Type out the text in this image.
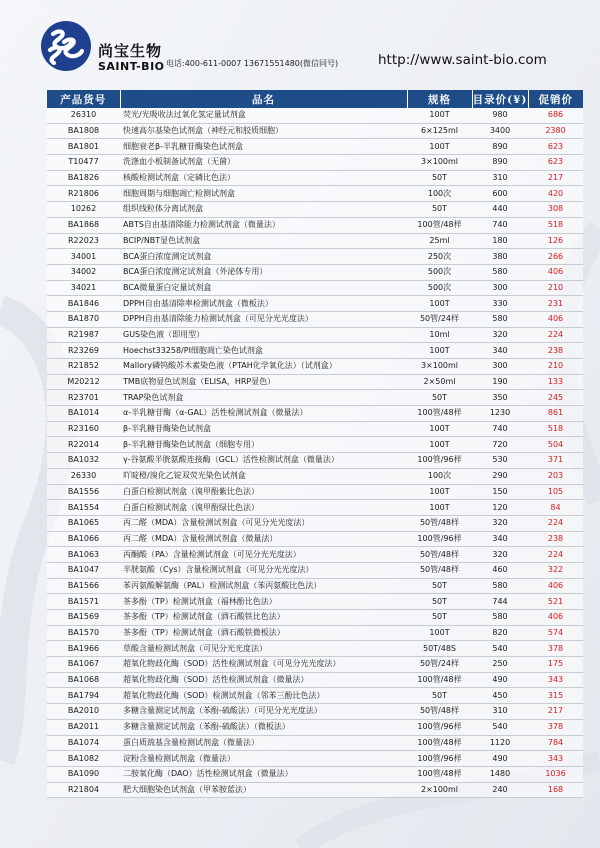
尚宝生物
SAINT-BIO 电话:400-611-0007 13671551480(微信同号)	http://www.saint-bio.com
产品货号	品名	规格	目录价(¥)	促销价
26310	荧光/光吸收法过氧化氢定量试剂盒	100T	980	686
BA1808	快速高尔基染色试剂盒（神经元和胶质细胞）	6×125ml	3400	2380
BA1801	细胞衰老β-半乳糖苷酶染色试剂盒	100T	890	623
T10477	洗涤血小板制备试剂盒（无菌）	3×100ml	890	623
BA1826	核酸检测试剂盒（定磷比色法）	50T	310	217
R21806	细胞周期与细胞凋亡检测试剂盒	100次	600	420
10262	组织线粒体分离试剂盒	50T	440	308
BA1868	ABTS自由基清除能力检测试剂盒（微量法）	100管/48样	740	518
R22023	BCIP/NBT显色试剂盒	25ml	180	126
34001	BCA蛋白浓度测定试剂盒	250次	380	266
34002	BCA蛋白浓度测定试剂盒（外泌体专用）	500次	580	406
34021	BCA微量蛋白定量试剂盒	500次	300	210
BA1846	DPPH自由基清除率检测试剂盒（微板法）	100T	330	231
BA1870	DPPH自由基清除能力检测试剂盒（可见分光光度法）	50管/24样	580	406
R21987	GUS染色液（即用型）	10ml	320	224
R23269	Hoechst33258/PI细胞凋亡染色试剂盒	100T	340	238
R21852	Mallory磷钨酸苏木素染色液（PTAH化学氧化法）（试剂盒）	3×100ml	300	210
M20212	TMB底物显色试剂盒（ELISA，HRP显色）	2×50ml	190	133
R23701	TRAP染色试剂盒	50T	350	245
BA1014	α-半乳糖苷酶（α-GAL）活性检测试剂盒（微量法）	100管/48样	1230	861
R23160	β-半乳糖苷酶染色试剂盒	100T	740	518
R22014	β-半乳糖苷酶染色试剂盒（细胞专用）	100T	720	504
BA1032	γ-谷氨酸半胱氨酸连接酶（GCL）活性检测试剂盒（微量法）	100管/96样	530	371
26330	吖啶橙/溴化乙锭双荧光染色试剂盒	100次	290	203
BA1556	白蛋白检测试剂盒（溴甲酚紫比色法）	100T	150	105
BA1554	白蛋白检测试剂盒（溴甲酚绿比色法）	100T	120	84
BA1065	丙二醛（MDA）含量检测试剂盒（可见分光光度法）	50管/48样	320	224
BA1066	丙二醛（MDA）含量检测试剂盒（微量法）	100管/96样	340	238
BA1063	丙酮酸（PA）含量检测试剂盒（可见分光光度法）	50管/48样	320	224
BA1047	半胱氨酸（Cys）含量检测试剂盒（可见分光光度法）	50管/48样	460	322
BA1566	苯丙氨酸解氨酶（PAL）检测试剂盒（苯丙氨酸比色法）	50T	580	406
BA1571	茶多酚（TP）检测试剂盒（福林酚比色法）	50T	744	521
BA1569	茶多酚（TP）检测试剂盒（酒石酸铁比色法）	50T	580	406
BA1570	茶多酚（TP）检测试剂盒（酒石酸铁微板法）	100T	820	574
BA1966	草酸含量检测试剂盒（可见分光光度法）	50T/48S	540	378
BA1067	超氧化物歧化酶（SOD）活性检测试剂盒（可见分光光度法）	50管/24样	250	175
BA1068	超氧化物歧化酶（SOD）活性检测试剂盒（微量法）	100管/48样	490	343
BA1794	超氧化物歧化酶（SOD）检测试剂盒（邻苯三酚比色法）	50T	450	315
BA2010	多糖含量测定试剂盒（苯酚-硫酸法）（可见分光光度法）	50管/48样	310	217
BA2011	多糖含量测定试剂盒（苯酚-硫酸法）（微板法）	100管/96样	540	378
BA1074	蛋白质巯基含量检测试剂盒（微量法）	100管/48样	1120	784
BA1082	淀粉含量检测试剂盒（微量法）	100管/96样	490	343
BA1090	二胺氧化酶（DAO）活性检测试剂盒（微量法）	100管/48样	1480	1036
R21804	肥大细胞染色试剂盒（甲苯胺蓝法）	2×100ml	240	168
